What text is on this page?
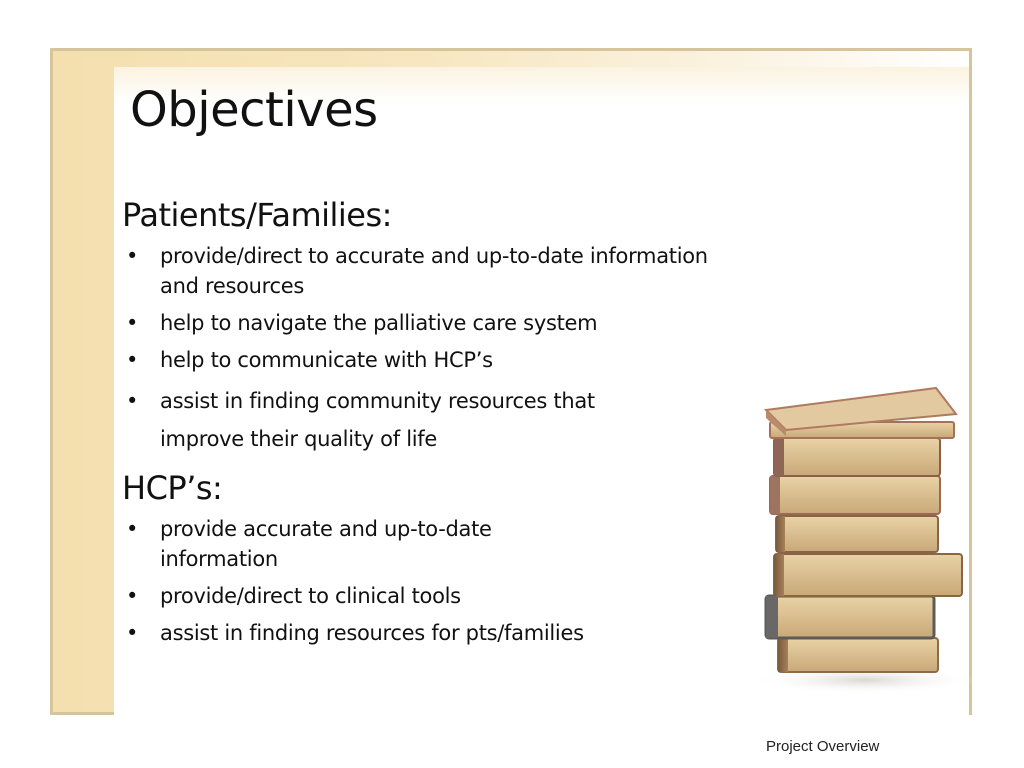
Objectives
Patients/Families:
• provide/direct to accurate and up-to-date information and resources
• help to navigate the palliative care system
• help to communicate with HCP’s
• assist in finding community resources that improve their quality of life
HCP’s:
• provide accurate and up-to-date information
• provide/direct to clinical tools
• assist in finding resources for pts/families
Project Overview
